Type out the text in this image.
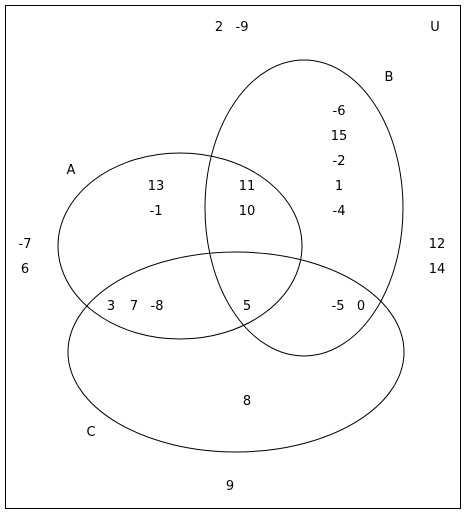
U
A
B
C
2 -9
-7
6
12
14
9
13
-1
-6
15
-2
1
-4
11
10
3 7 -8	5	-5 0
8
